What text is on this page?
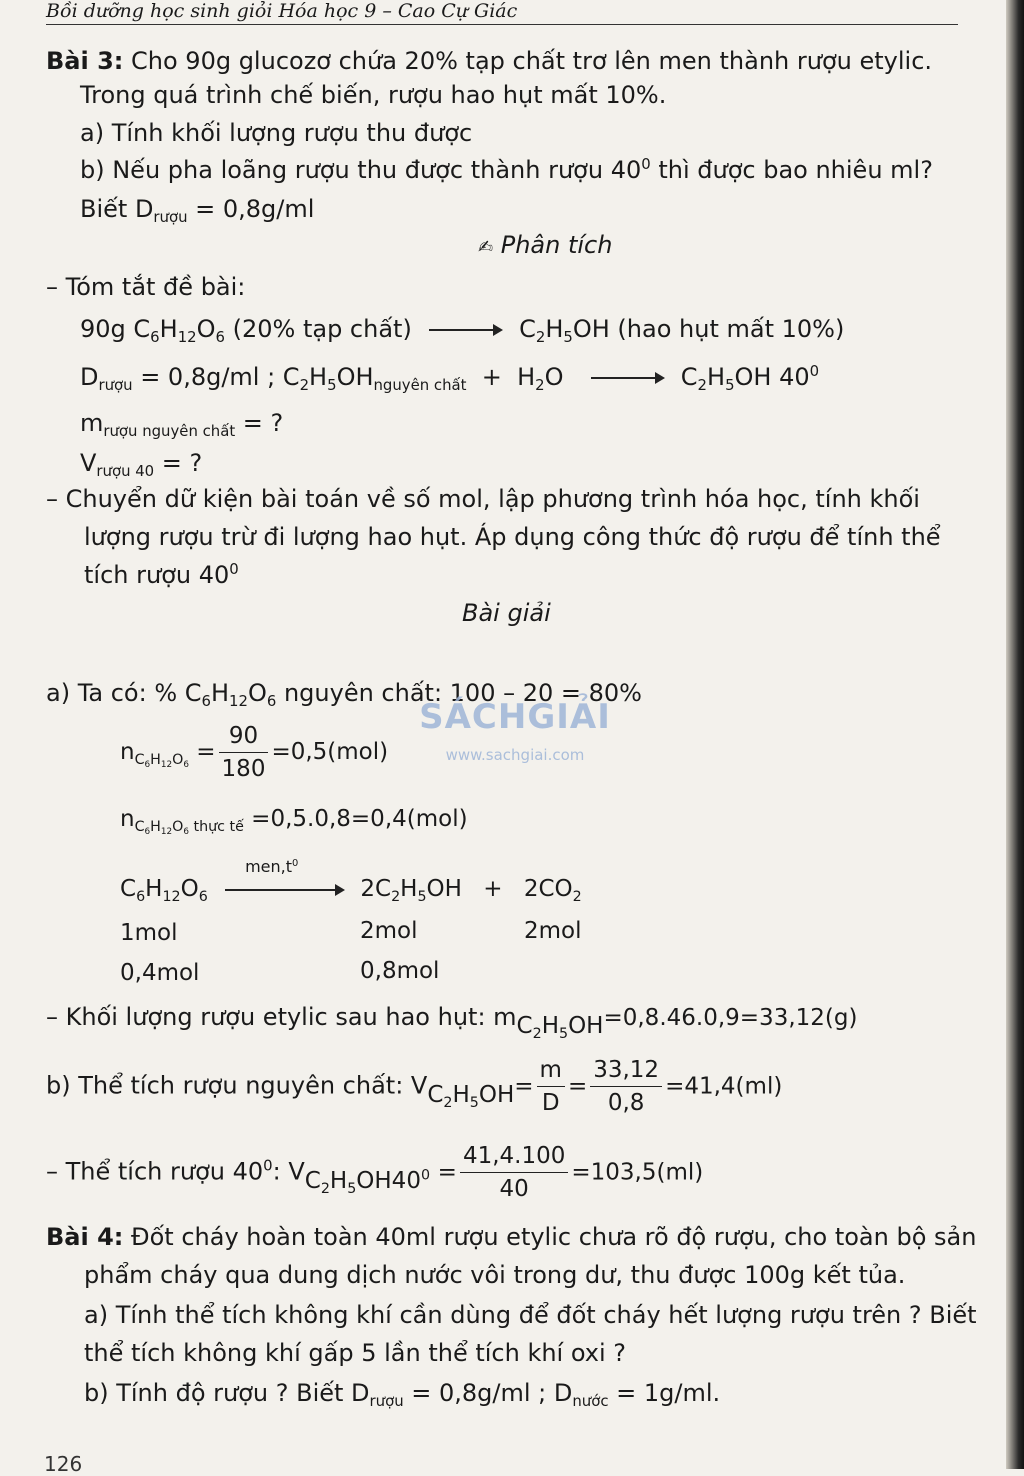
Bồi dưỡng học sinh giỏi Hóa học 9 – Cao Cự Giác
Bài 3: Cho 90g glucozơ chứa 20% tạp chất trơ lên men thành rượu etylic.
Trong quá trình chế biến, rượu hao hụt mất 10%.
a) Tính khối lượng rượu thu được
b) Nếu pha loãng rượu thu được thành rượu $40^0$ thì được bao nhiêu ml?
Biết $D_{rượu} = 0,8g/ml$
✍ Phân tích
– Tóm tắt đề bài:
90g $C_6H_{12}O_6$ (20% tạp chất) → $C_2H_5OH$ (hao hụt mất 10%)
$D_{rượu} = 0,8g/ml$ ; $C_2H_5OH_{nguyên chất} + H_2O \to C_2H_5OH$ $40^0$
$m_{rượu nguyên chất}$ = ?
$V_{rượu 40}$ = ?
– Chuyển dữ kiện bài toán về số mol, lập phương trình hóa học, tính khối
lượng rượu trừ đi lượng hao hụt. Áp dụng công thức độ rượu để tính thể
tích rượu $40^0$
Bài giải
a) Ta có: % $C_6H_{12}O_6$ nguyên chất: 100 – 20 = 80%
SÁCHGIẢI
www.sachgiai.com
$n_{C_6H_{12}O_6} = \frac{90}{180} =0,5(mol)$
$n_{C_6H_{12}O_6 thực tế} =0,5.0,8=0,4(mol)$
$C_6H_{12}O_6$
$men,t^0$
$2C_2H_5OH + 2CO_2$
1mol	2mol	2mol
0,4mol	0,8mol
– Khối lượng rượu etylic sau hao hụt: $m_{C_2H_5OH}=0,8.46.0,9=33,12(g)$
b) Thể tích rượu nguyên chất: $V_{C_2H_5OH}= \frac{m}{D} = \frac{33,12}{0,8} =41,4(ml)$
– Thể tích rượu $40^0$: $V_{C_2H_5OH40^0} = \frac{41,4.100}{40} =103,5(ml)$
Bài 4: Đốt cháy hoàn toàn 40ml rượu etylic chưa rõ độ rượu, cho toàn bộ sản
phẩm cháy qua dung dịch nước vôi trong dư, thu được 100g kết tủa.
a) Tính thể tích không khí cần dùng để đốt cháy hết lượng rượu trên ? Biết
thể tích không khí gấp 5 lần thể tích khí oxi ?
b) Tính độ rượu ? Biết $D_{rượu} = 0,8g/ml$ ; $D_{nước} = 1g/ml$.
126
